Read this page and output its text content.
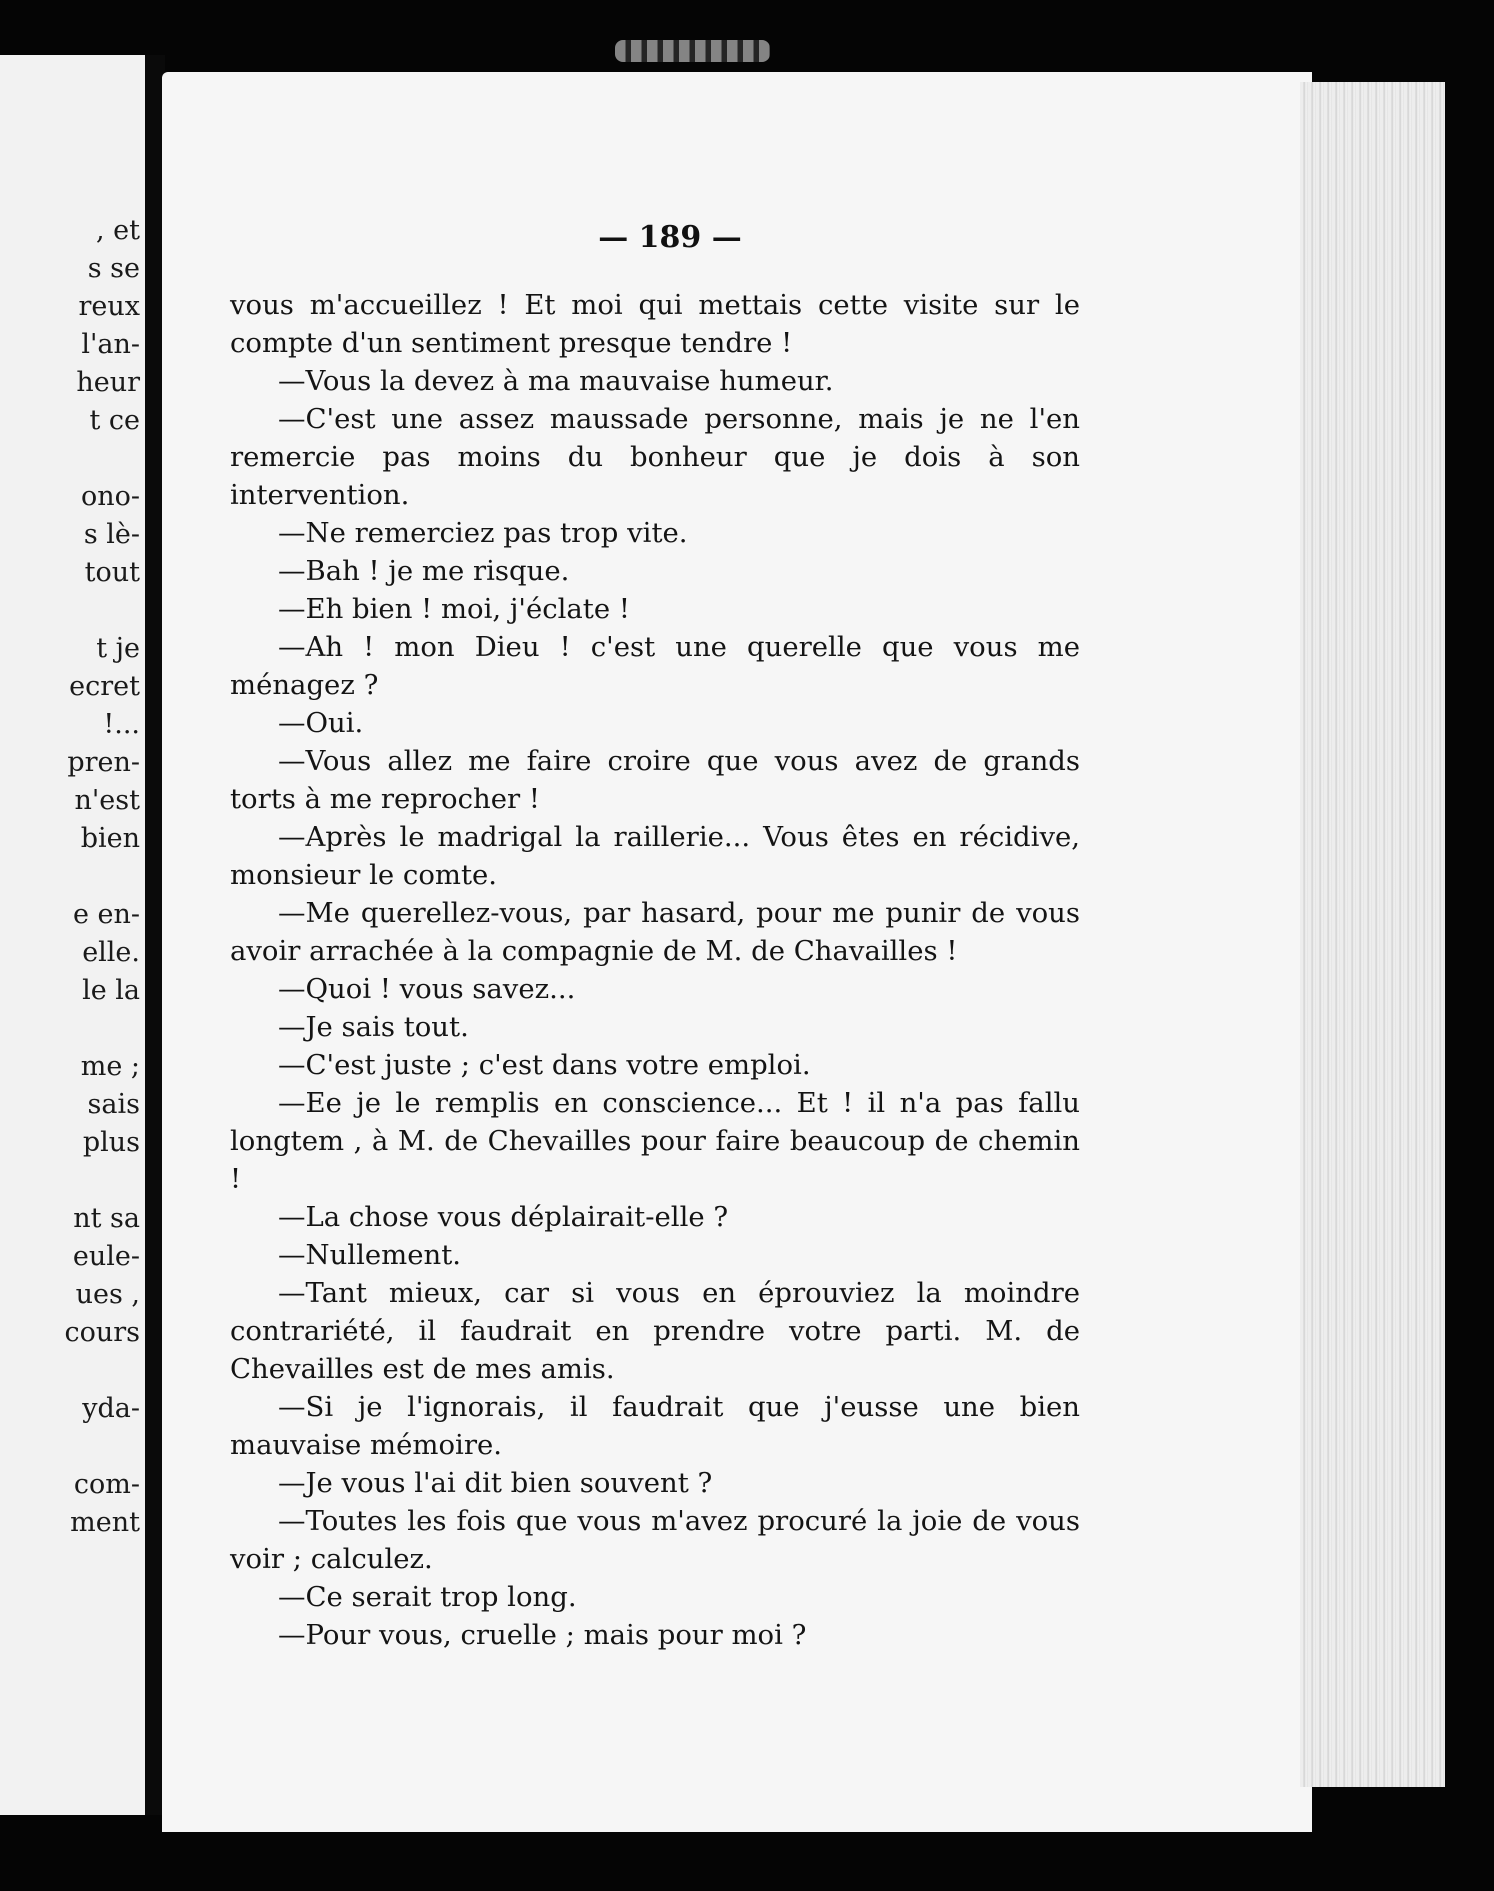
, et
s se
reux
l'an-
heur
t ce
ono-
s lè-
tout
t je
ecret
!...
pren-
n'est
bien
e en-
elle.
le la
me ;
sais
plus
nt sa
eule-
ues ,
cours
yda-
com-
ment
— 189 —

vous m'accueillez ! Et moi qui mettais cette visite sur le compte d'un sentiment presque tendre !

—Vous la devez à ma mauvaise humeur.

—C'est une assez maussade personne, mais je ne l'en remercie pas moins du bonheur que je dois à son intervention.

—Ne remerciez pas trop vite.

—Bah ! je me risque.

—Eh bien ! moi, j'éclate !

—Ah ! mon Dieu ! c'est une querelle que vous me ménagez ?

—Oui.

—Vous allez me faire croire que vous avez de grands torts à me reprocher !

—Après le madrigal la raillerie... Vous êtes en récidive, monsieur le comte.

—Me querellez-vous, par hasard, pour me punir de vous avoir arrachée à la compagnie de M. de Chavailles !

—Quoi ! vous savez...

—Je sais tout.

—C'est juste ; c'est dans votre emploi.

—Ee je le remplis en conscience... Et ! il n'a pas fallu longtem , à M. de Chevailles pour faire beaucoup de chemin !

—La chose vous déplairait-elle ?

—Nullement.

—Tant mieux, car si vous en éprouviez la moindre contrariété, il faudrait en prendre votre parti. M. de Chevailles est de mes amis.

—Si je l'ignorais, il faudrait que j'eusse une bien mauvaise mémoire.

—Je vous l'ai dit bien souvent ?

—Toutes les fois que vous m'avez procuré la joie de vous voir ; calculez.

—Ce serait trop long.

—Pour vous, cruelle ; mais pour moi ?
